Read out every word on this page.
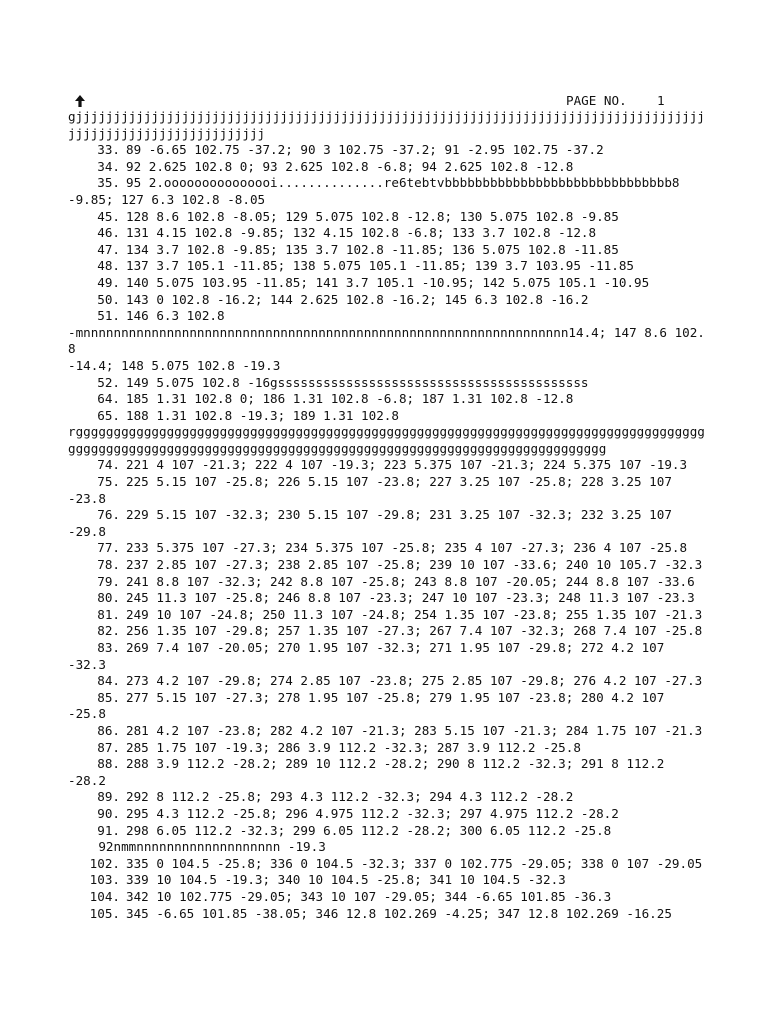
PAGE NO.    1
gjjjjjjjjjjjjjjjjjjjjjjjjjjjjjjjjjjjjjjjjjjjjjjjjjjjjjjjjjjjjjjjjjjjjjjjjjjjjjjjjjjjjjjjjjjjjjjjjjjjjjjjjjjjjj
33. 89 -6.65 102.75 -37.2; 90 3 102.75 -37.2; 91 -2.95 102.75 -37.2
34. 92 2.625 102.8 0; 93 2.625 102.8 -6.8; 94 2.625 102.8 -12.8
35. 95 2.ooooooooooooooi..............re6tebtvbbbbbbbbbbbbbbbbbbbbbbbbbbbbbb8
-9.85; 127 6.3 102.8 -8.05
45. 128 8.6 102.8 -8.05; 129 5.075 102.8 -12.8; 130 5.075 102.8 -9.85
46. 131 4.15 102.8 -9.85; 132 4.15 102.8 -6.8; 133 3.7 102.8 -12.8
47. 134 3.7 102.8 -9.85; 135 3.7 102.8 -11.85; 136 5.075 102.8 -11.85
48. 137 3.7 105.1 -11.85; 138 5.075 105.1 -11.85; 139 3.7 103.95 -11.85
49. 140 5.075 103.95 -11.85; 141 3.7 105.1 -10.95; 142 5.075 105.1 -10.95
50. 143 0 102.8 -16.2; 144 2.625 102.8 -16.2; 145 6.3 102.8 -16.2
51. 146 6.3 102.8
-mnnnnnnnnnnnnnnnnnnnnnnnnnnnnnnnnnnnnnnnnnnnnnnnnnnnnnnnnnnnnnnnn14.4; 147 8.6 102.8
-14.4; 148 5.075 102.8 -19.3
52. 149 5.075 102.8 -16gsssssssssssssssssssssssssssssssssssssssss
64. 185 1.31 102.8 0; 186 1.31 102.8 -6.8; 187 1.31 102.8 -12.8
65. 188 1.31 102.8 -19.3; 189 1.31 102.8
rgggggggggggggggggggggggggggggggggggggggggggggggggggggggggggggggggggggggggggggggggggggggggggggggggggggggggggggggggggggggggggggggggggggggggggggggggggggggggg
74. 221 4 107 -21.3; 222 4 107 -19.3; 223 5.375 107 -21.3; 224 5.375 107 -19.3
75. 225 5.15 107 -25.8; 226 5.15 107 -23.8; 227 3.25 107 -25.8; 228 3.25 107
-23.8
76. 229 5.15 107 -32.3; 230 5.15 107 -29.8; 231 3.25 107 -32.3; 232 3.25 107
-29.8
77. 233 5.375 107 -27.3; 234 5.375 107 -25.8; 235 4 107 -27.3; 236 4 107 -25.8
78. 237 2.85 107 -27.3; 238 2.85 107 -25.8; 239 10 107 -33.6; 240 10 105.7 -32.3
79. 241 8.8 107 -32.3; 242 8.8 107 -25.8; 243 8.8 107 -20.05; 244 8.8 107 -33.6
80. 245 11.3 107 -25.8; 246 8.8 107 -23.3; 247 10 107 -23.3; 248 11.3 107 -23.3
81. 249 10 107 -24.8; 250 11.3 107 -24.8; 254 1.35 107 -23.8; 255 1.35 107 -21.3
82. 256 1.35 107 -29.8; 257 1.35 107 -27.3; 267 7.4 107 -32.3; 268 7.4 107 -25.8
83. 269 7.4 107 -20.05; 270 1.95 107 -32.3; 271 1.95 107 -29.8; 272 4.2 107
-32.3
84. 273 4.2 107 -29.8; 274 2.85 107 -23.8; 275 2.85 107 -29.8; 276 4.2 107 -27.3
85. 277 5.15 107 -27.3; 278 1.95 107 -25.8; 279 1.95 107 -23.8; 280 4.2 107
-25.8
86. 281 4.2 107 -23.8; 282 4.2 107 -21.3; 283 5.15 107 -21.3; 284 1.75 107 -21.3
87. 285 1.75 107 -19.3; 286 3.9 112.2 -32.3; 287 3.9 112.2 -25.8
88. 288 3.9 112.2 -28.2; 289 10 112.2 -28.2; 290 8 112.2 -32.3; 291 8 112.2
-28.2
89. 292 8 112.2 -25.8; 293 4.3 112.2 -32.3; 294 4.3 112.2 -28.2
90. 295 4.3 112.2 -25.8; 296 4.975 112.2 -32.3; 297 4.975 112.2 -28.2
91. 298 6.05 112.2 -32.3; 299 6.05 112.2 -28.2; 300 6.05 112.2 -25.8
92nmmnnnnnnnnnnnnnnnnnnn -19.3
102. 335 0 104.5 -25.8; 336 0 104.5 -32.3; 337 0 102.775 -29.05; 338 0 107 -29.05
103. 339 10 104.5 -19.3; 340 10 104.5 -25.8; 341 10 104.5 -32.3
104. 342 10 102.775 -29.05; 343 10 107 -29.05; 344 -6.65 101.85 -36.3
105. 345 -6.65 101.85 -38.05; 346 12.8 102.269 -4.25; 347 12.8 102.269 -16.25
